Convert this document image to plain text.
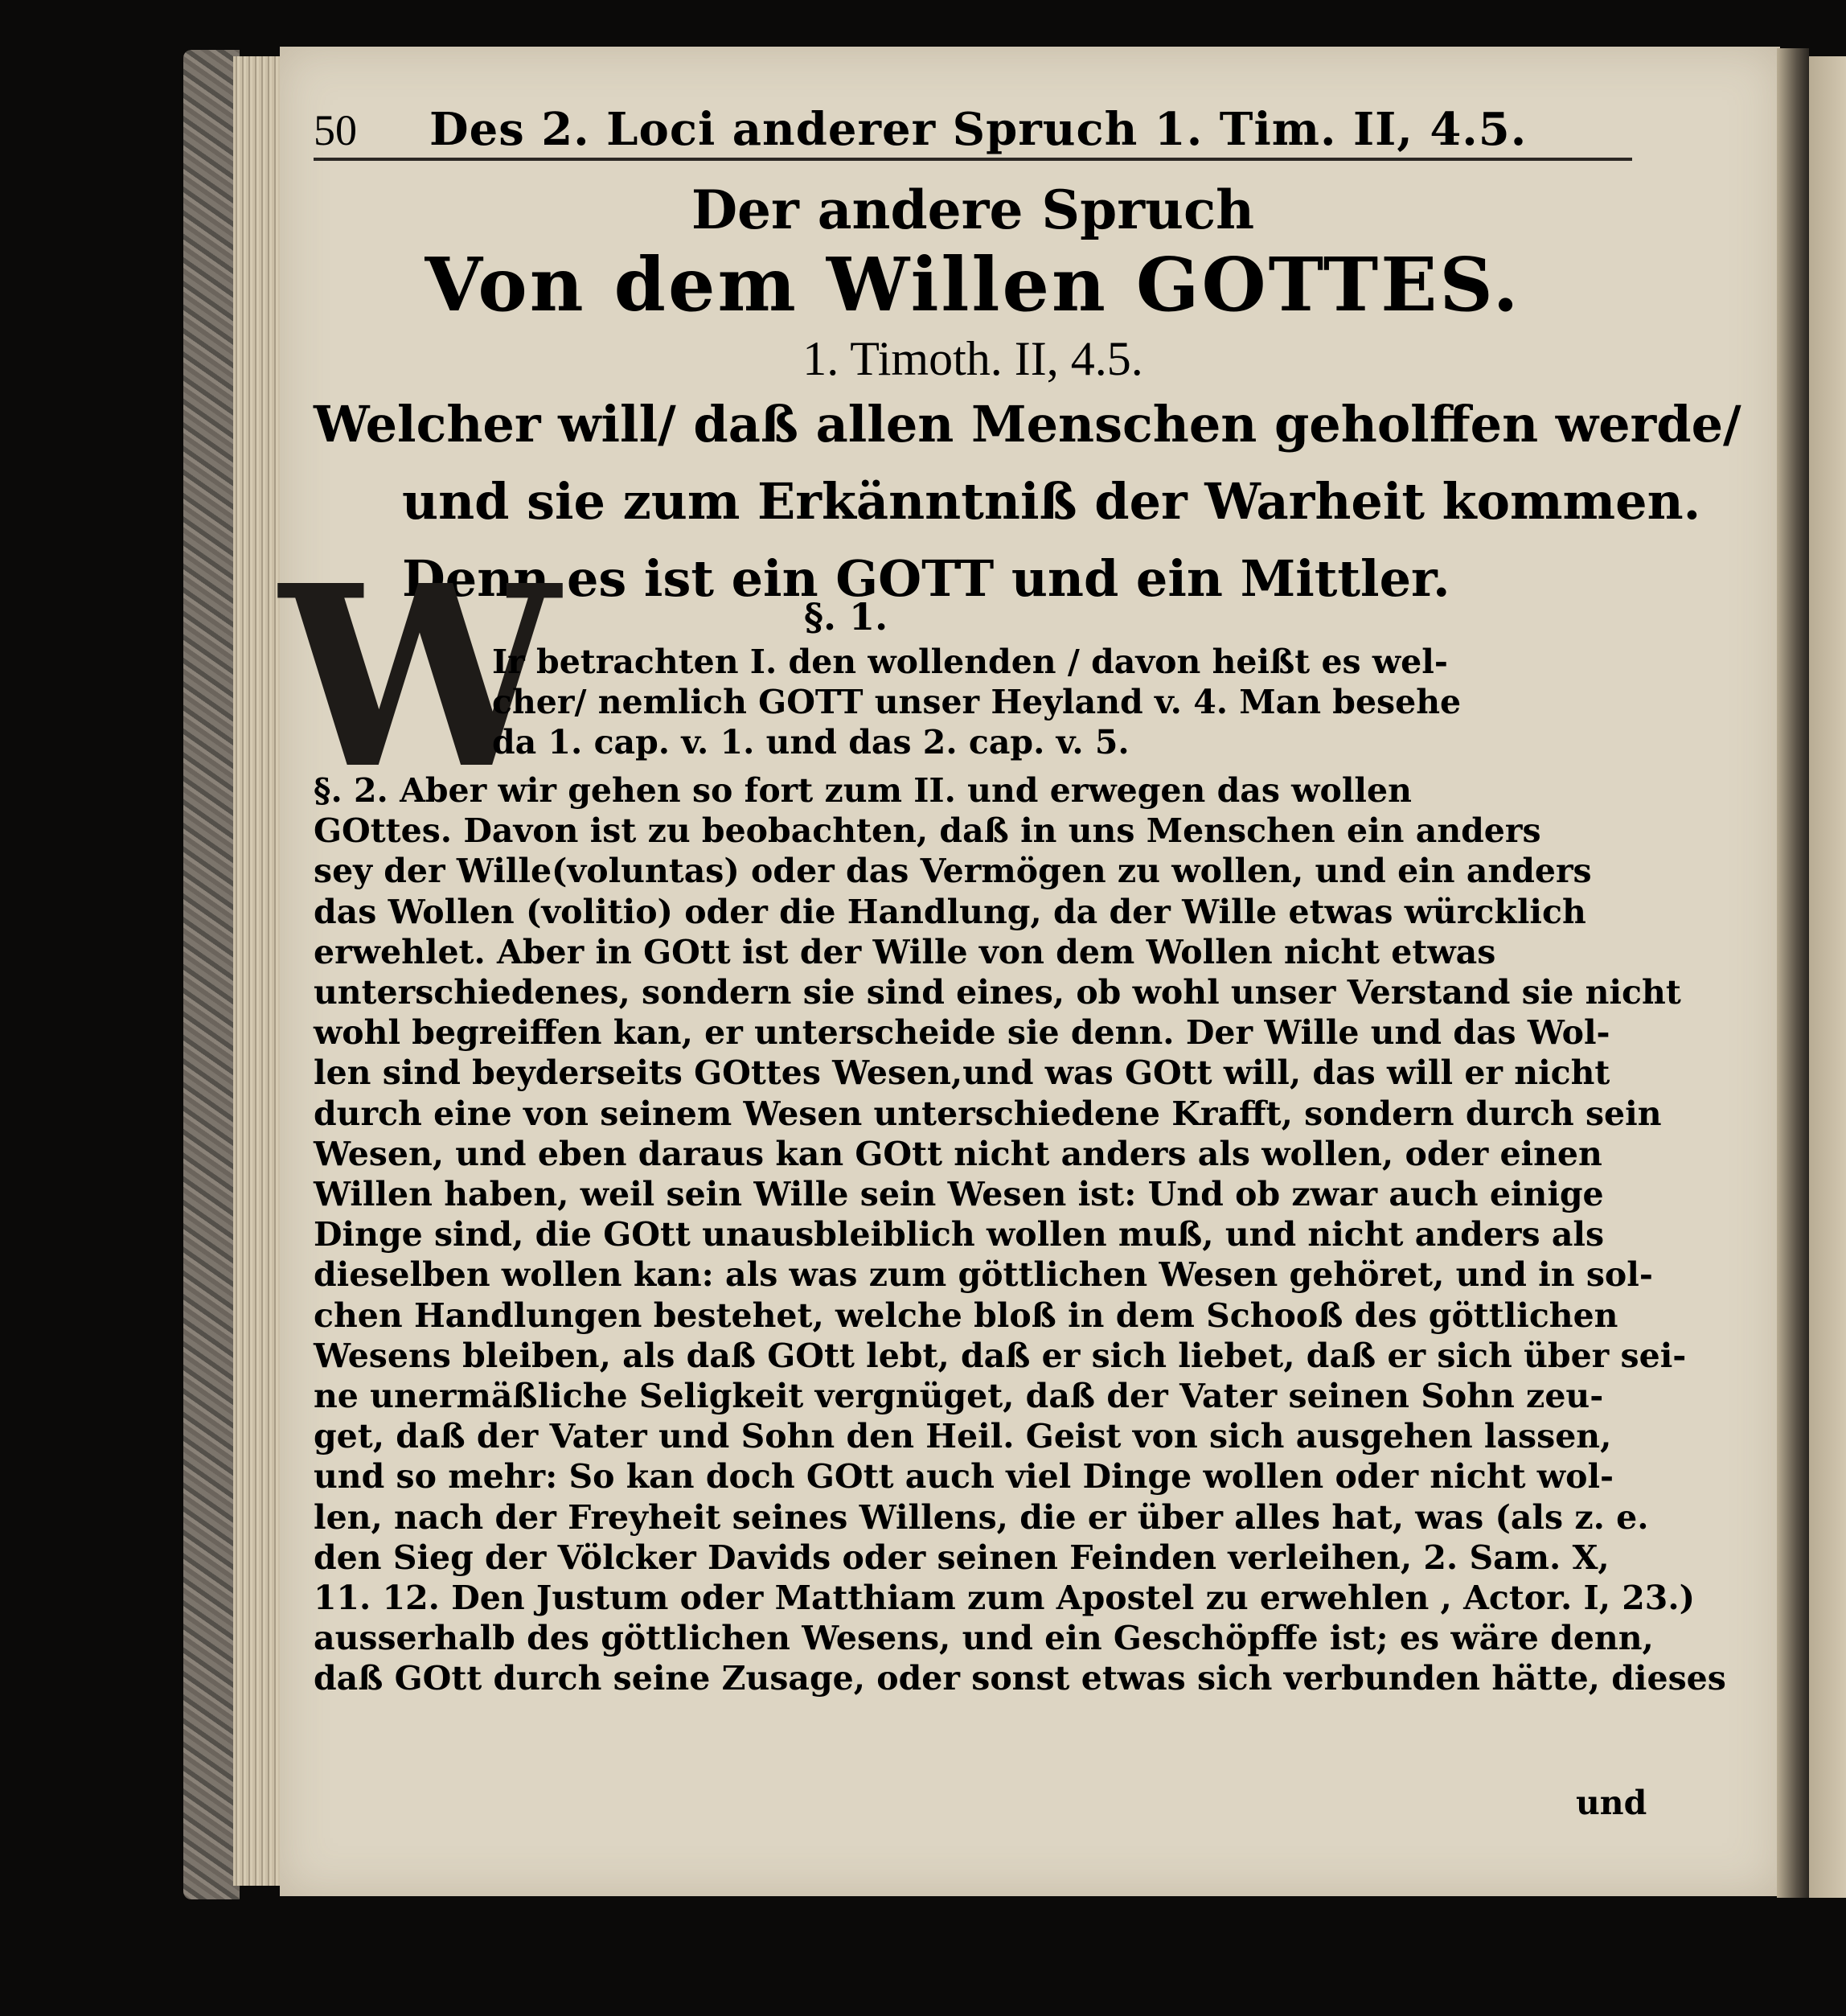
50 Des 2. Loci anderer Spruch 1. Tim. II, 4.5.
Der andere Spruch
Von dem Willen GOTTES.
1. Timoth. II, 4.5.
Welcher will/ daß allen Menschen geholffen werde/
und sie zum Erkänntniß der Warheit kommen.
Denn es ist ein GOTT und ein Mittler.
§. 1.
W
Ir betrachten I. den wollenden / davon heißt es wel-
cher/ nemlich GOTT unser Heyland v. 4. Man besehe
da 1. cap. v. 1. und das 2. cap. v. 5.
§. 2. Aber wir gehen so fort zum II. und erwegen das wollen
GOttes. Davon ist zu beobachten, daß in uns Menschen ein anders
sey der Wille(voluntas) oder das Vermögen zu wollen, und ein anders
das Wollen (volitio) oder die Handlung, da der Wille etwas würcklich
erwehlet. Aber in GOtt ist der Wille von dem Wollen nicht etwas
unterschiedenes, sondern sie sind eines, ob wohl unser Verstand sie nicht
wohl begreiffen kan, er unterscheide sie denn. Der Wille und das Wol-
len sind beyderseits GOttes Wesen,und was GOtt will, das will er nicht
durch eine von seinem Wesen unterschiedene Krafft, sondern durch sein
Wesen, und eben daraus kan GOtt nicht anders als wollen, oder einen
Willen haben, weil sein Wille sein Wesen ist: Und ob zwar auch einige
Dinge sind, die GOtt unausbleiblich wollen muß, und nicht anders als
dieselben wollen kan: als was zum göttlichen Wesen gehöret, und in sol-
chen Handlungen bestehet, welche bloß in dem Schooß des göttlichen
Wesens bleiben, als daß GOtt lebt, daß er sich liebet, daß er sich über sei-
ne unermäßliche Seligkeit vergnüget, daß der Vater seinen Sohn zeu-
get, daß der Vater und Sohn den Heil. Geist von sich ausgehen lassen,
und so mehr: So kan doch GOtt auch viel Dinge wollen oder nicht wol-
len, nach der Freyheit seines Willens, die er über alles hat, was (als z. e.
den Sieg der Völcker Davids oder seinen Feinden verleihen, 2. Sam. X,
11. 12. Den Justum oder Matthiam zum Apostel zu erwehlen , Actor. I, 23.)
ausserhalb des göttlichen Wesens, und ein Geschöpffe ist; es wäre denn,
daß GOtt durch seine Zusage, oder sonst etwas sich verbunden hätte, dieses
und
